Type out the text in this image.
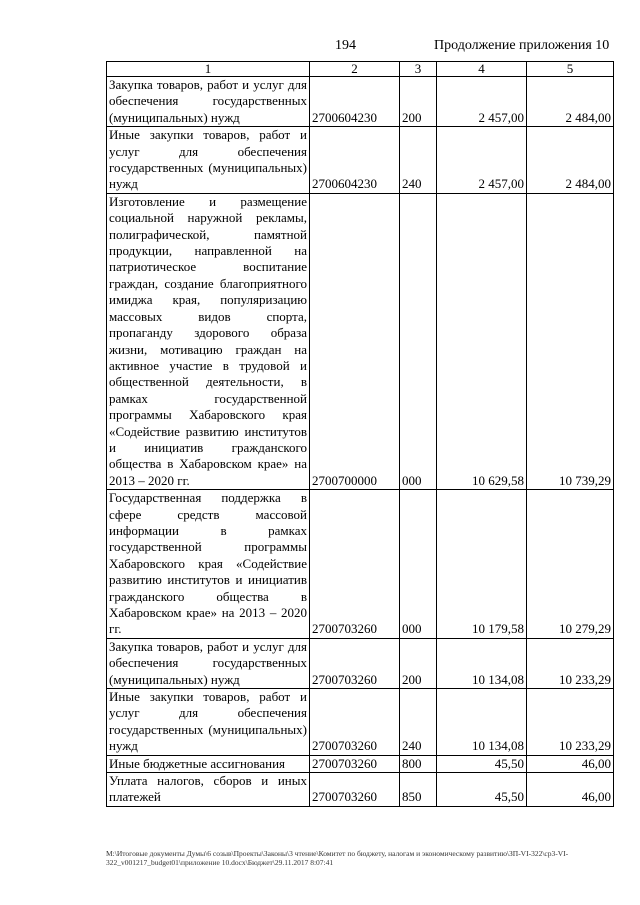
194	Продолжение приложения 10
1	2	3	4	5
Закупка товаров, работ и услуг для обеспечения государственных (муниципальных) нужд	2700604230	200	2 457,00	2 484,00
Иные закупки товаров, работ и услуг для обеспечения государственных (муниципальных) нужд	2700604230	240	2 457,00	2 484,00
Изготовление и размещение социальной наружной рекламы, полиграфической, памятной продукции, направленной на патриотическое воспитание граждан, создание благоприятного имиджа края, популяризацию массовых видов спорта, пропаганду здорового образа жизни, мотивацию граждан на активное участие в трудовой и общественной деятельности, в рамках государственной программы Хабаровского края «Содействие развитию институтов и инициатив гражданского общества в Хабаровском крае» на 2013 – 2020 гг.	2700700000	000	10 629,58	10 739,29
Государственная поддержка в сфере средств массовой информации в рамках государственной программы Хабаровского края «Содействие развитию институтов и инициатив гражданского общества в Хабаровском крае» на 2013 – 2020 гг.	2700703260	000	10 179,58	10 279,29
Закупка товаров, работ и услуг для обеспечения государственных (муниципальных) нужд	2700703260	200	10 134,08	10 233,29
Иные закупки товаров, работ и услуг для обеспечения государственных (муниципальных) нужд	2700703260	240	10 134,08	10 233,29
Иные бюджетные ассигнования	2700703260	800	45,50	46,00
Уплата налогов, сборов и иных платежей	2700703260	850	45,50	46,00
M:\Итоговые документы Думы\6 созыв\Проекты\Законы\3 чтение\Комитет по бюджету, налогам и экономическому развитию\ЗП-VI-322\ср3-VI-322_v001217_budget01\приложение 10.docx\Бюджет\29.11.2017 8:07:41
